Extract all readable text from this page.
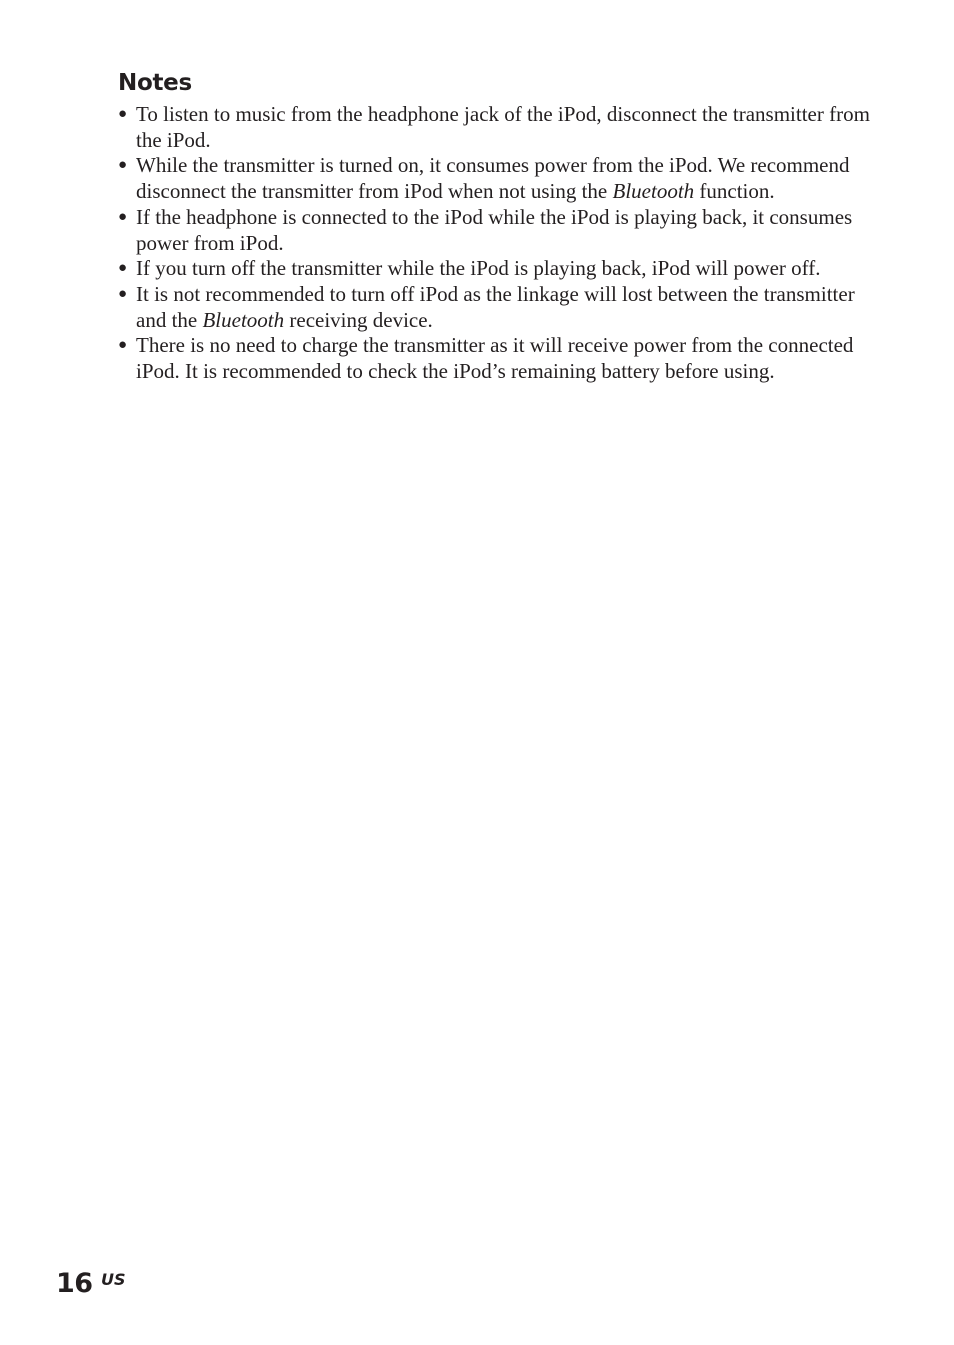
Notes
● To listen to music from the headphone jack of the iPod, disconnect the transmitter from the iPod.
● While the transmitter is turned on, it consumes power from the iPod. We recommend disconnect the transmitter from iPod when not using the Bluetooth function.
● If the headphone is connected to the iPod while the iPod is playing back, it consumes power from iPod.
● If you turn off the transmitter while the iPod is playing back, iPod will power off.
● It is not recommended to turn off iPod as the linkage will lost between the transmitter and the Bluetooth receiving device.
● There is no need to charge the transmitter as it will receive power from the connected iPod. It is recommended to check the iPod’s remaining battery before using.
16 US
